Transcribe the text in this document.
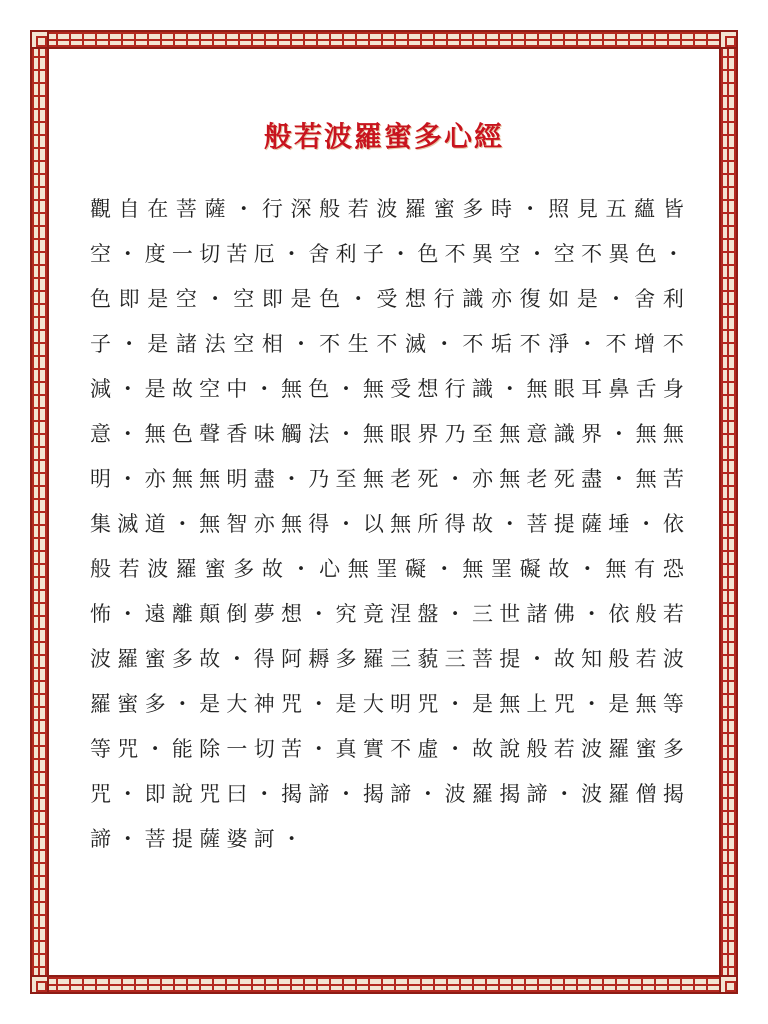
般若波羅蜜多心經
觀 自 在 菩 薩 ・ 行 深 般 若 波 羅 蜜 多 時 ・ 照 見 五 蘊 皆
空 ・ 度 一 切 苦 厄 ・ 舍 利 子 ・ 色 不 異 空 ・ 空 不 異 色 ・
色 即 是 空 ・ 空 即 是 色 ・ 受 想 行 識 亦 復 如 是 ・ 舍 利
子 ・ 是 諸 法 空 相 ・ 不 生 不 滅 ・ 不 垢 不 淨 ・ 不 增 不
減 ・ 是 故 空 中 ・ 無 色 ・ 無 受 想 行 識 ・ 無 眼 耳 鼻 舌 身
意 ・ 無 色 聲 香 味 觸 法 ・ 無 眼 界 乃 至 無 意 識 界 ・ 無 無
明 ・ 亦 無 無 明 盡 ・ 乃 至 無 老 死 ・ 亦 無 老 死 盡 ・ 無 苦
集 滅 道 ・ 無 智 亦 無 得 ・ 以 無 所 得 故 ・ 菩 提 薩 埵 ・ 依
般 若 波 羅 蜜 多 故 ・ 心 無 罣 礙 ・ 無 罣 礙 故 ・ 無 有 恐
怖 ・ 遠 離 顛 倒 夢 想 ・ 究 竟 涅 盤 ・ 三 世 諸 佛 ・ 依 般 若
波 羅 蜜 多 故 ・ 得 阿 耨 多 羅 三 藐 三 菩 提 ・ 故 知 般 若 波
羅 蜜 多 ・ 是 大 神 咒 ・ 是 大 明 咒 ・ 是 無 上 咒 ・ 是 無 等
等 咒 ・ 能 除 一 切 苦 ・ 真 實 不 虛 ・ 故 說 般 若 波 羅 蜜 多
咒 ・ 即 說 咒 曰 ・ 揭 諦 ・ 揭 諦 ・ 波 羅 揭 諦 ・ 波 羅 僧 揭
諦 ・ 菩 提 薩 婆 訶 ・
